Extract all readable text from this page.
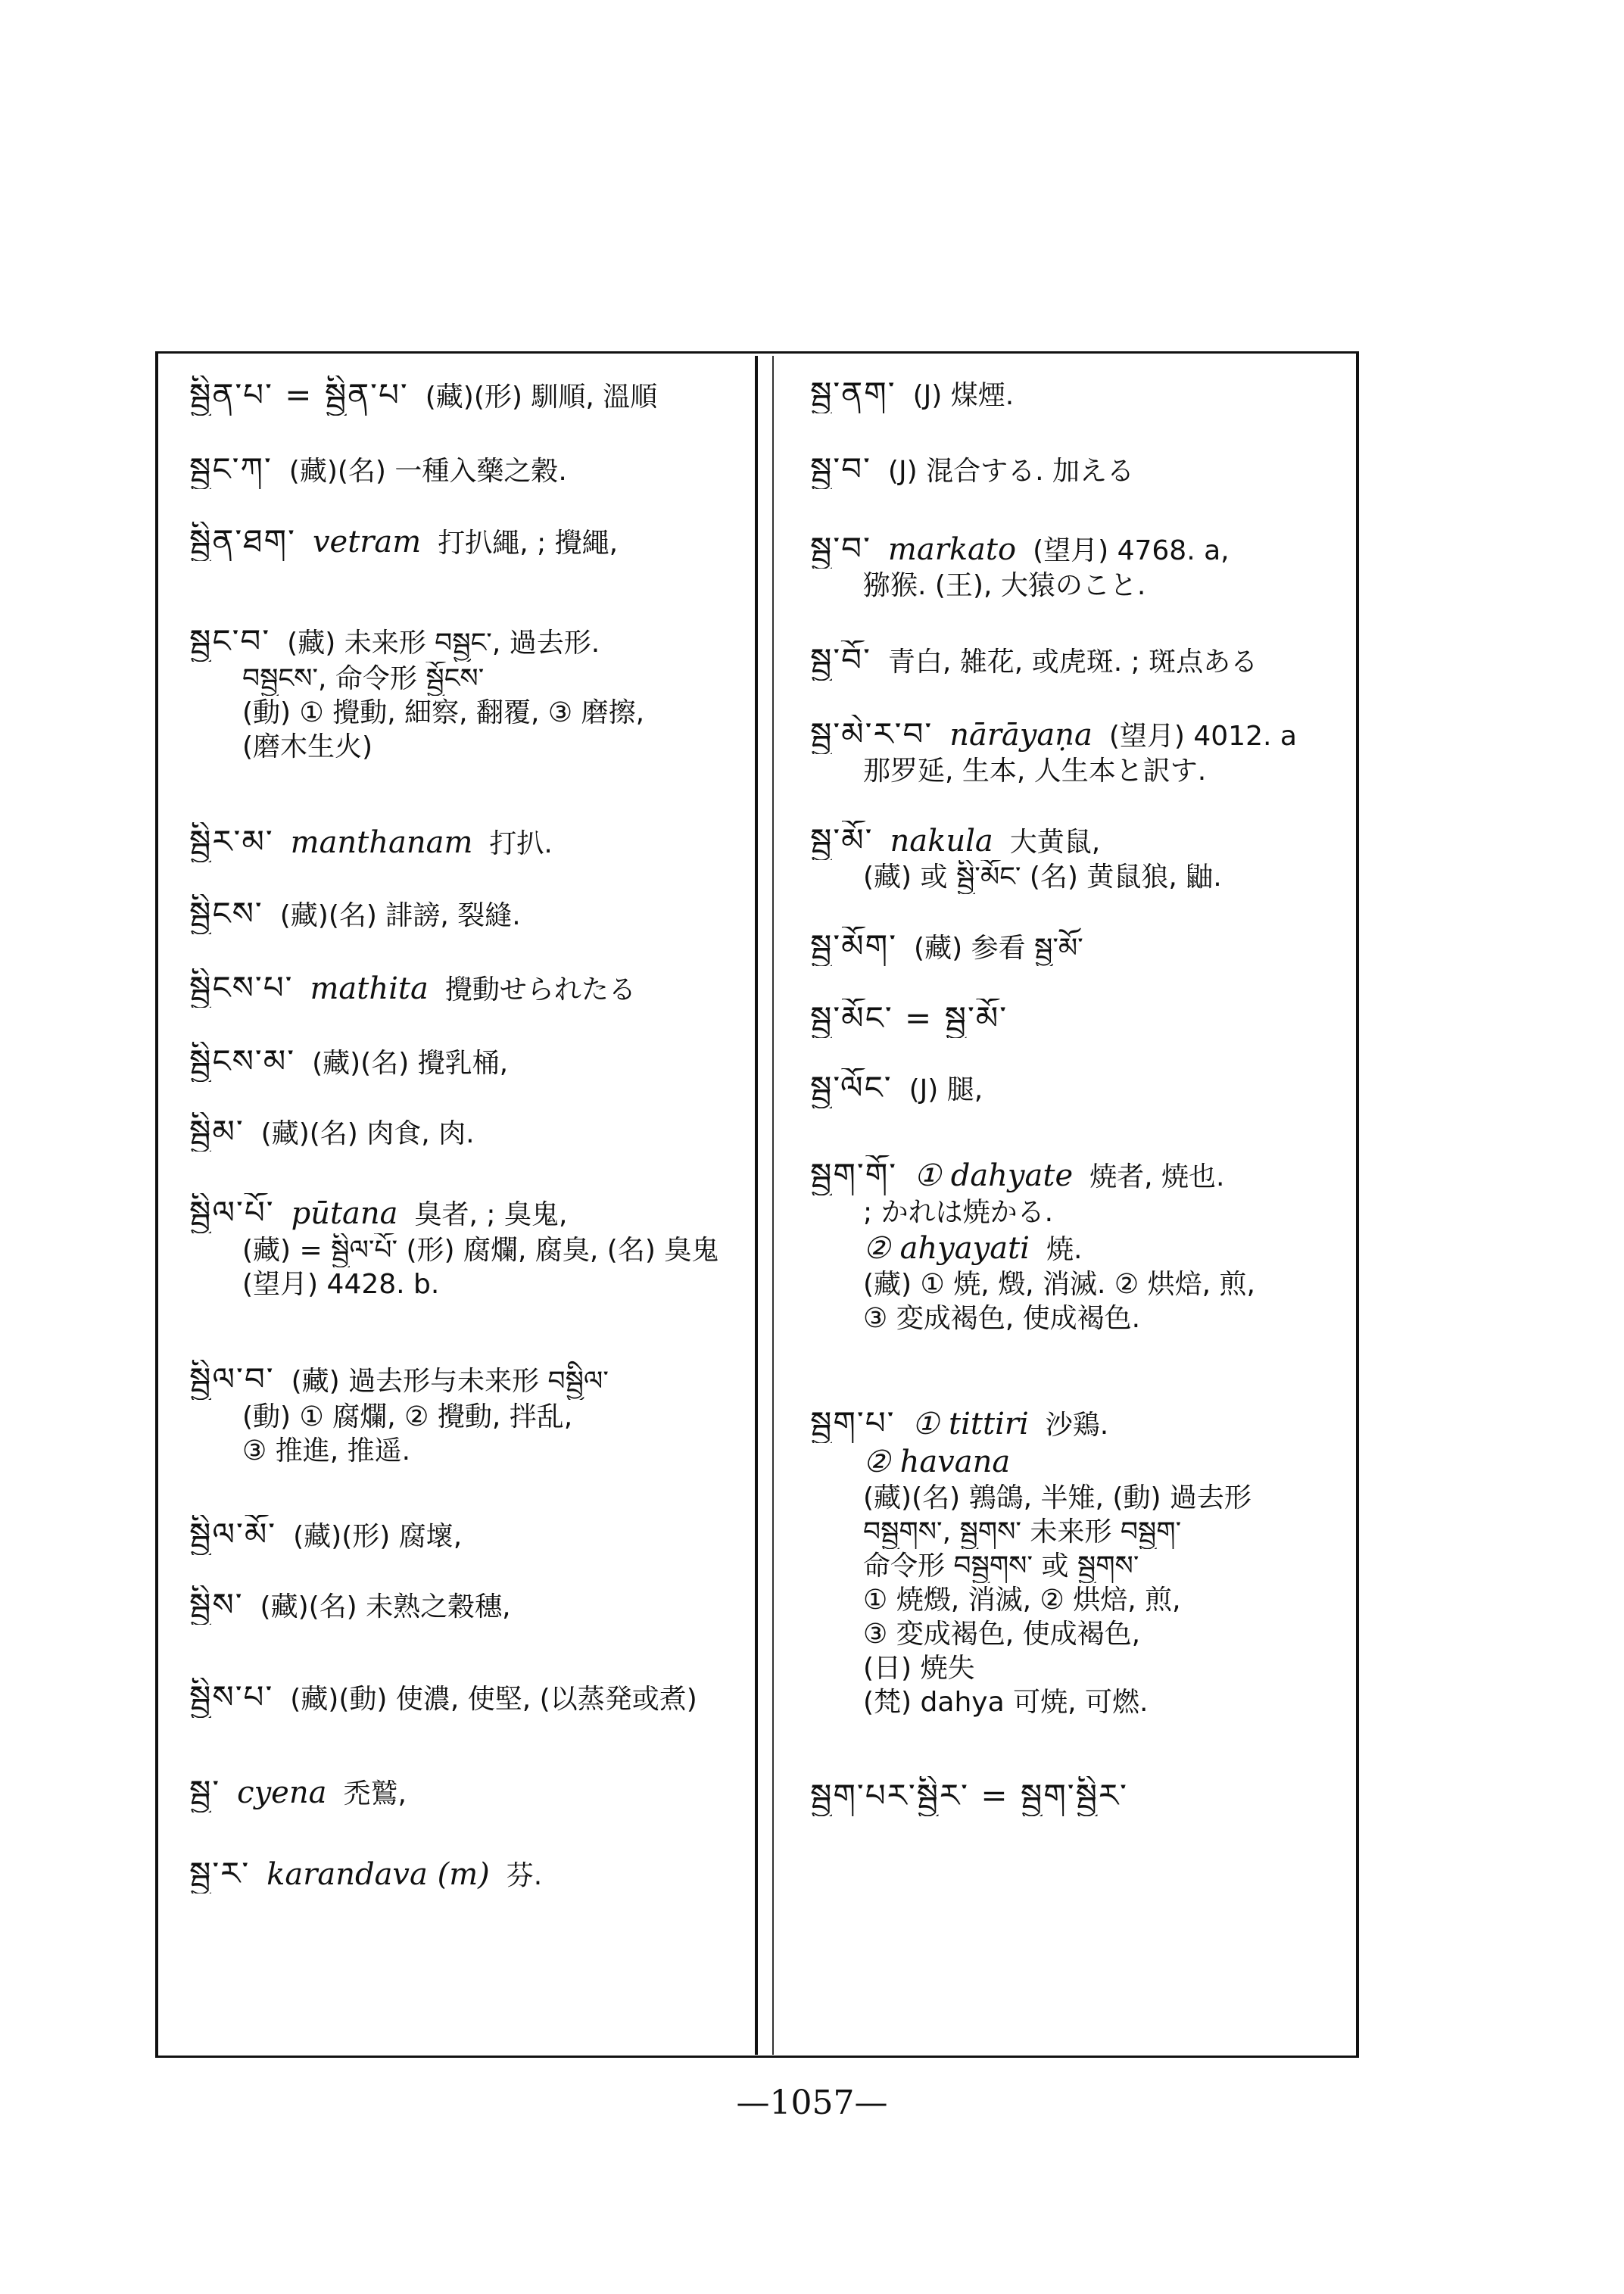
སྦྱིན་པ་ = སྦྱིན་པ་ (藏)(形) 馴順, 溫順
སྦྱང་ཀ་ (藏)(名) 一種入藥之穀.
སྦྱིན་ཐག་ vetram 打扒繩, ; 攪繩,
སྦྱང་བ་ (藏) 未来形 བསྦྱང་, 過去形.
བསྦྱངས་, 命令形 སྦྱོངས་
(動) ① 攪動, 細察, 翻覆, ③ 磨擦,
(磨木生火)
སྦྱིར་མ་ manthanam 打扒.
སྦྱིངས་ (藏)(名) 誹謗, 裂縫.
སྦྱིངས་པ་ mathita 攪動せられたる
སྦྱིངས་མ་ (藏)(名) 攪乳桶,
སྦྱིམ་ (藏)(名) 肉食, 肉.
སྦྱིལ་པོ་ pūtana 臭者, ; 臭鬼,
(藏) = སྦྱིལ་པོ་ (形) 腐爛, 腐臭, (名) 臭鬼
(望月) 4428. b.
སྦྱིལ་བ་ (藏) 過去形与未来形 བསྦྱིལ་
(動) ① 腐爛, ② 攪動, 拌乱,
③ 推進, 推遥.
སྦྱིལ་མོ་ (藏)(形) 腐壞,
སྦྱིས་ (藏)(名) 未熟之穀穗,
སྦྱིས་པ་ (藏)(動) 使濃, 使堅, (以蒸発或煮)
སྦྱ་ cyena 禿鷲,
སྦྱ་ར་ karandava (m) 芬.
སྦྱ་ནག་ (J) 煤煙.
སྦྱ་བ་ (J) 混合する. 加える
སྦྱ་བ་ markato (望月) 4768. a,
猕猴. (王), 大猿のこと.
སྦྱ་བོ་ 青白, 雑花, 或虎斑. ; 斑点ある
སྦྱ་མེ་ར་བ་ nārāyaṇa (望月) 4012. a
那罗延, 生本, 人生本と訳す.
སྦྱ་མོ་ nakula 大黄鼠,
(藏) 或 སྦྱི་མོང་ (名) 黄鼠狼, 鼬.
སྦྱ་མོག་ (藏) 参看 སྦྱ་མོ་
སྦྱ་མོང་ = སྦྱ་མོ་
སྦྱ་ལོང་ (J) 腿,
སྦྱག་གོ་ ① dahyate 焼者, 焼也.
; かれは焼かる.
② ahyayati 焼.
(藏) ① 焼, 燬, 消滅. ② 烘焙, 煎,
③ 変成褐色, 使成褐色.
སྦྱག་པ་ ① tittiri 沙鶏.
② havana
(藏)(名) 鶉鴿, 半雉, (動) 過去形
བསྦྱགས་, སྦྱགས་ 未来形 བསྦྱག་
命令形 བསྦྱགས་ 或 སྦྱགས་
① 焼燬, 消滅, ② 烘焙, 煎,
③ 変成褐色, 使成褐色,
(日) 焼失
(梵) dahya 可焼, 可燃.
སྦྱག་པར་སྦྱིར་ = སྦྱག་སྦྱིར་
—1057—
